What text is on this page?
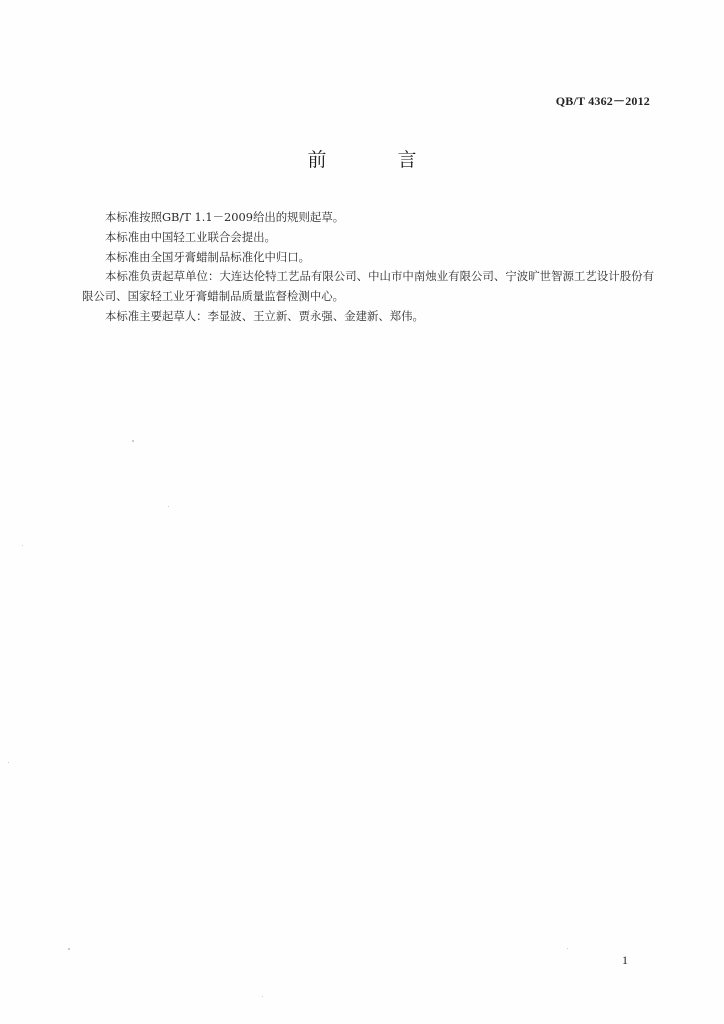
QB/T 4362－2012
前　言

本标准按照GB/T 1.1－2009给出的规则起草。

本标准由中国轻工业联合会提出。

本标准由全国牙膏蜡制品标准化中归口。

本标准负责起草单位：大连达伦特工艺品有限公司、中山市中南烛业有限公司、宁波旷世智源工艺设计股份有限公司、国家轻工业牙膏蜡制品质量监督检测中心。

本标准主要起草人：李显波、王立新、贾永强、金建新、郑伟。

1
